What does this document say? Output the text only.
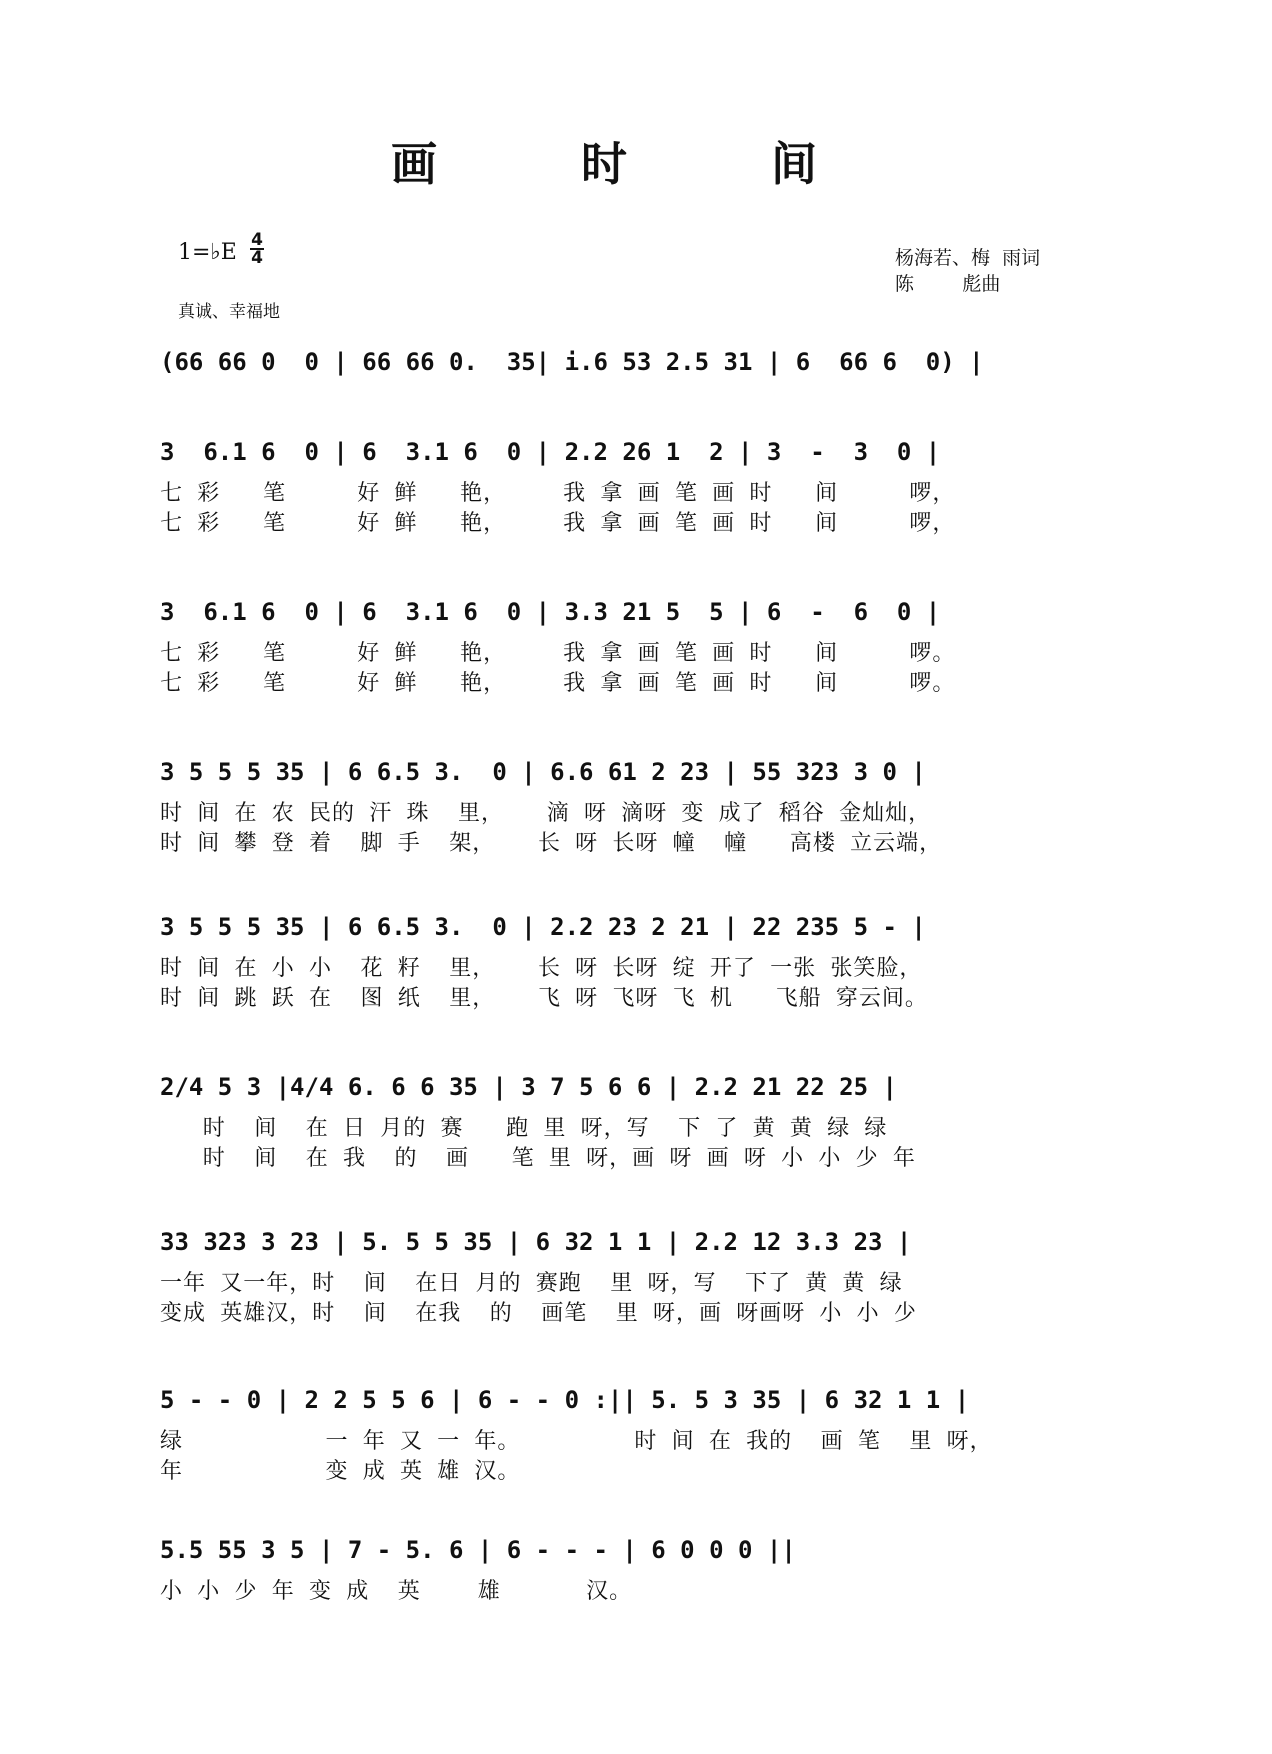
画 时 间
1=♭E 4
4
真诚、幸福地
杨海若、梅  雨词
陈        彪曲
(66 66 0  0 | 66 66 0.  35| i.6 53 2.5 31 | 6  66 6  0) |
3  6.1 6  0 | 6  3.1 6  0 | 2.2 26 1  2 | 3  -  3  0 |
七 彩   笔     好 鲜   艳，    我 拿 画 笔 画 时   间     啰，
七 彩   笔     好 鲜   艳，    我 拿 画 笔 画 时   间     啰，
3  6.1 6  0 | 6  3.1 6  0 | 3.3 21 5  5 | 6  -  6  0 |
七 彩   笔     好 鲜   艳，    我 拿 画 笔 画 时   间     啰。
七 彩   笔     好 鲜   艳，    我 拿 画 笔 画 时   间     啰。
3 5 5 5 35 | 6 6.5 3.  0 | 6.6 61 2 23 | 55 323 3 0 |
时 间 在 农 民的 汗 珠  里，   滴 呀 滴呀 变 成了 稻谷 金灿灿，
时 间 攀 登 着  脚 手  架，   长 呀 长呀 幢  幢   高楼 立云端，
3 5 5 5 35 | 6 6.5 3.  0 | 2.2 23 2 21 | 22 235 5 - |
时 间 在 小 小  花 籽  里，   长 呀 长呀 绽 开了 一张 张笑脸，
时 间 跳 跃 在  图 纸  里，   飞 呀 飞呀 飞 机   飞船 穿云间。
2/4 5 3 |4/4 6. 6 6 35 | 3 7 5 6 6 | 2.2 21 22 25 |
时  间  在 日 月的 赛   跑 里 呀，写  下 了 黄 黄 绿 绿
时  间  在 我  的  画   笔 里 呀，画 呀 画 呀 小 小 少 年
33 323 3 23 | 5. 5 5 35 | 6 32 1 1 | 2.2 12 3.3 23 |
一年 又一年，时  间  在日 月的 赛跑  里 呀，写  下了 黄 黄 绿
变成 英雄汉，时  间  在我  的  画笔  里 呀，画 呀画呀 小 小 少
5 - - 0 | 2 2 5 5 6 | 6 - - 0 :|| 5. 5 3 35 | 6 32 1 1 |
绿          一 年 又 一 年。        时 间 在 我的  画 笔  里 呀，
年          变 成 英 雄 汉。
5.5 55 3 5 | 7 - 5. 6 | 6 - - - | 6 0 0 0 ||
小 小 少 年 变 成  英    雄      汉。
